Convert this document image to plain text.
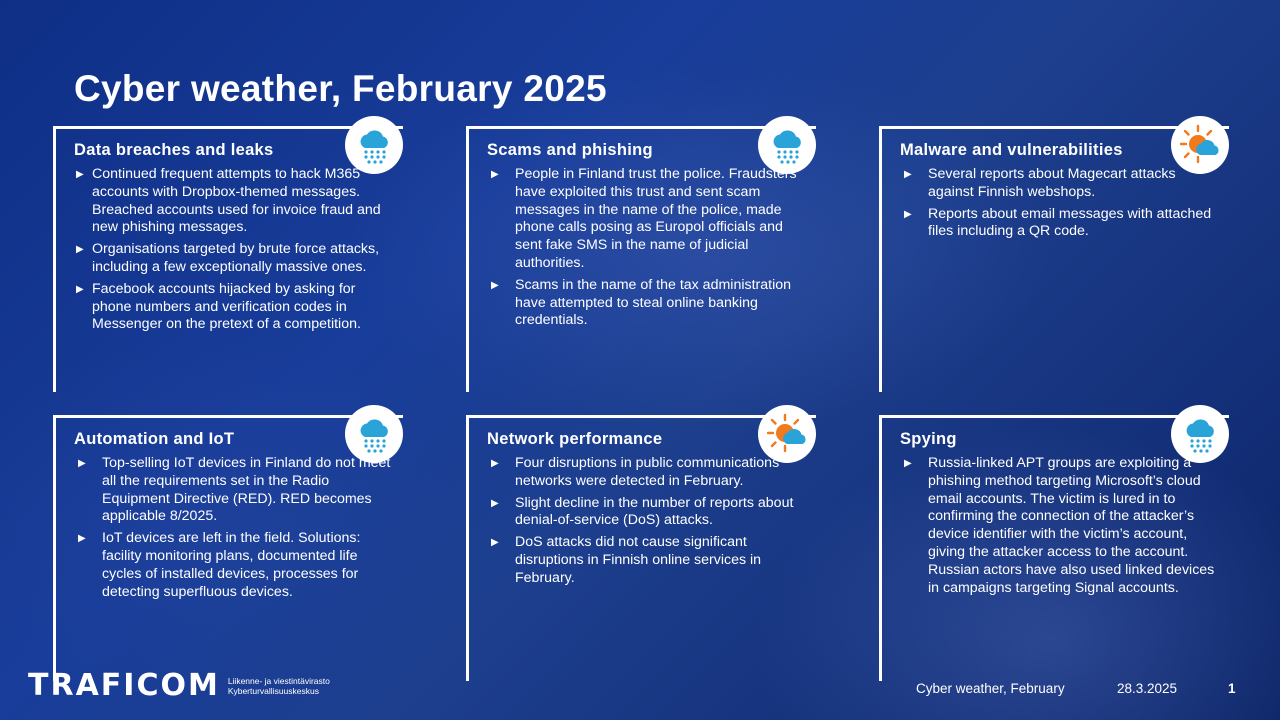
Cyber weather, February 2025
Data breaches and leaks
▶ Continued frequent attempts to hack M365 accounts with Dropbox-themed messages. Breached accounts used for invoice fraud and new phishing messages.
▶ Organisations targeted by brute force attacks, including a few exceptionally massive ones.
▶ Facebook accounts hijacked by asking for phone numbers and verification codes in Messenger on the pretext of a competition.
Scams and phishing
▶ People in Finland trust the police. Fraudsters have exploited this trust and sent scam messages in the name of the police, made phone calls posing as Europol officials and sent fake SMS in the name of judicial authorities.
▶ Scams in the name of the tax administration have attempted to steal online banking credentials.
Malware and vulnerabilities
▶ Several reports about Magecart attacks against Finnish webshops.
▶ Reports about email messages with attached files including a QR code.
Automation and IoT
▶ Top-selling IoT devices in Finland do not meet all the requirements set in the Radio Equipment Directive (RED). RED becomes applicable 8/2025.
▶ IoT devices are left in the field. Solutions: facility monitoring plans, documented life cycles of installed devices, processes for detecting superfluous devices.
Network performance
▶ Four disruptions in public communications networks were detected in February.
▶ Slight decline in the number of reports about denial-of-service (DoS) attacks.
▶ DoS attacks did not cause significant disruptions in Finnish online services in February.
Spying
▶ Russia-linked APT groups are exploiting a phishing method targeting Microsoft’s cloud email accounts. The victim is lured in to confirming the connection of the attacker’s device identifier with the victim’s account, giving the attacker access to the account. Russian actors have also used linked devices in campaigns targeting Signal accounts.
TRAFICOM Liikenne- ja viestintävirasto
Kyberturvallisuuskeskus	Cyber weather, February	28.3.2025	1
